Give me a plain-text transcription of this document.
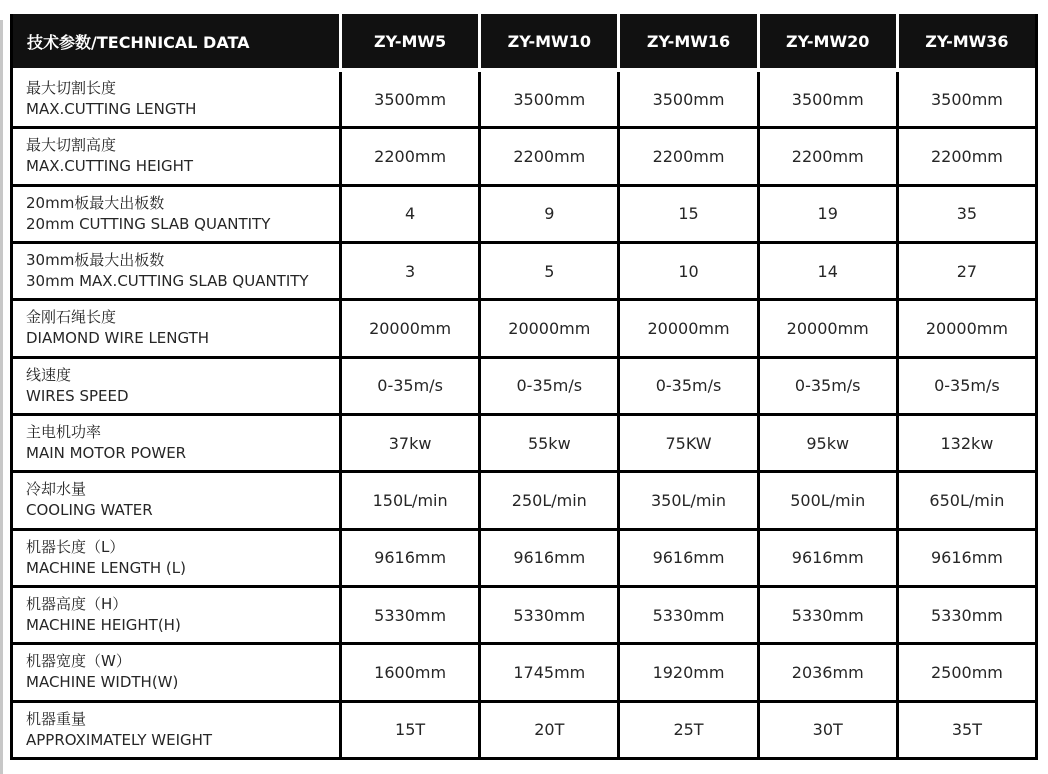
技术参数/TECHNICAL DATA	ZY-MW5	ZY-MW10	ZY-MW16	ZY-MW20	ZY-MW36
最大切割长度
MAX.CUTTING LENGTH
3500mm	3500mm	3500mm	3500mm	3500mm
最大切割高度
MAX.CUTTING HEIGHT
2200mm	2200mm	2200mm	2200mm	2200mm
20mm板最大出板数
20mm CUTTING SLAB QUANTITY
4	9	15	19	35
30mm板最大出板数
30mm MAX.CUTTING SLAB QUANTITY
3	5	10	14	27
金刚石绳长度
DIAMOND WIRE LENGTH
20000mm	20000mm	20000mm	20000mm	20000mm
线速度
WIRES SPEED
0-35m/s	0-35m/s	0-35m/s	0-35m/s	0-35m/s
主电机功率
MAIN MOTOR POWER
37kw	55kw	75KW	95kw	132kw
冷却水量
COOLING WATER
150L/min	250L/min	350L/min	500L/min	650L/min
机器长度（L）
MACHINE LENGTH (L)
9616mm	9616mm	9616mm	9616mm	9616mm
机器高度（H）
MACHINE HEIGHT(H)
5330mm	5330mm	5330mm	5330mm	5330mm
机器宽度（W）
MACHINE WIDTH(W)
1600mm	1745mm	1920mm	2036mm	2500mm
机器重量
APPROXIMATELY WEIGHT
15T	20T	25T	30T	35T
